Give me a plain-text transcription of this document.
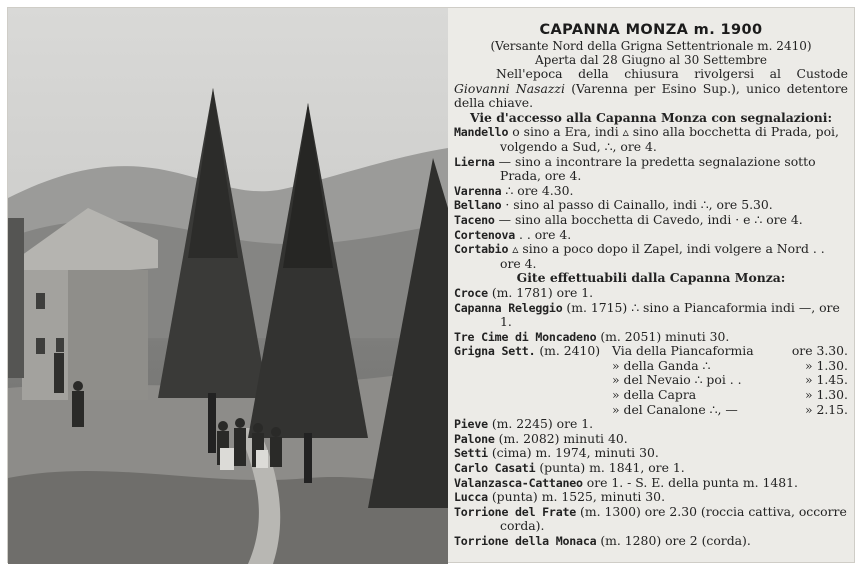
CAPANNA MONZA m. 1900
(Versante Nord della Grigna Settentrionale m. 2410)
Aperta dal 28 Giugno al 30 Settembre
Nell'epoca della chiusura rivolgersi al Custode Giovanni Nasazzi (Varenna per Esino Sup.), unico detentore della chiave.
Vie d'accesso alla Capanna Monza con segnalazioni:
Mandello o sino a Era, indi ▵ sino alla bocchetta di Prada, poi, volgendo a Sud, ∴, ore 4.
Lierna — sino a incontrare la predetta segnalazione sotto Prada, ore 4.
Varenna ∴ ore 4.30.
Bellano · sino al passo di Cainallo, indi ∴, ore 5.30.
Taceno — sino alla bocchetta di Cavedo, indi · e ∴ ore 4.
Cortenova . . ore 4.
Cortabio ▵ sino a poco dopo il Zapel, indi volgere a Nord . . ore 4.
Gite effettuabili dalla Capanna Monza:
Croce (m. 1781) ore 1.
Capanna Releggio (m. 1715) ∴ sino a Piancaformia indi —, ore 1.
Tre Cime di Moncadeno (m. 2051) minuti 30.
Grigna Sett. (m. 2410) Via della Piancaformia	ore 3.30.
» della Ganda ∴	» 1.30.
» del Nevaio ∴ poi . .	» 1.45.
» della Capra	» 1.30.
» del Canalone ∴, —	» 2.15.
Pieve (m. 2245) ore 1.
Palone (m. 2082) minuti 40.
Setti (cima) m. 1974, minuti 30.
Carlo Casati (punta) m. 1841, ore 1.
Valanzasca-Cattaneo ore 1. - S. E. della punta m. 1481.
Lucca (punta) m. 1525, minuti 30.
Torrione del Frate (m. 1300) ore 2.30 (roccia cattiva, occorre corda).
Torrione della Monaca (m. 1280) ore 2 (corda).
